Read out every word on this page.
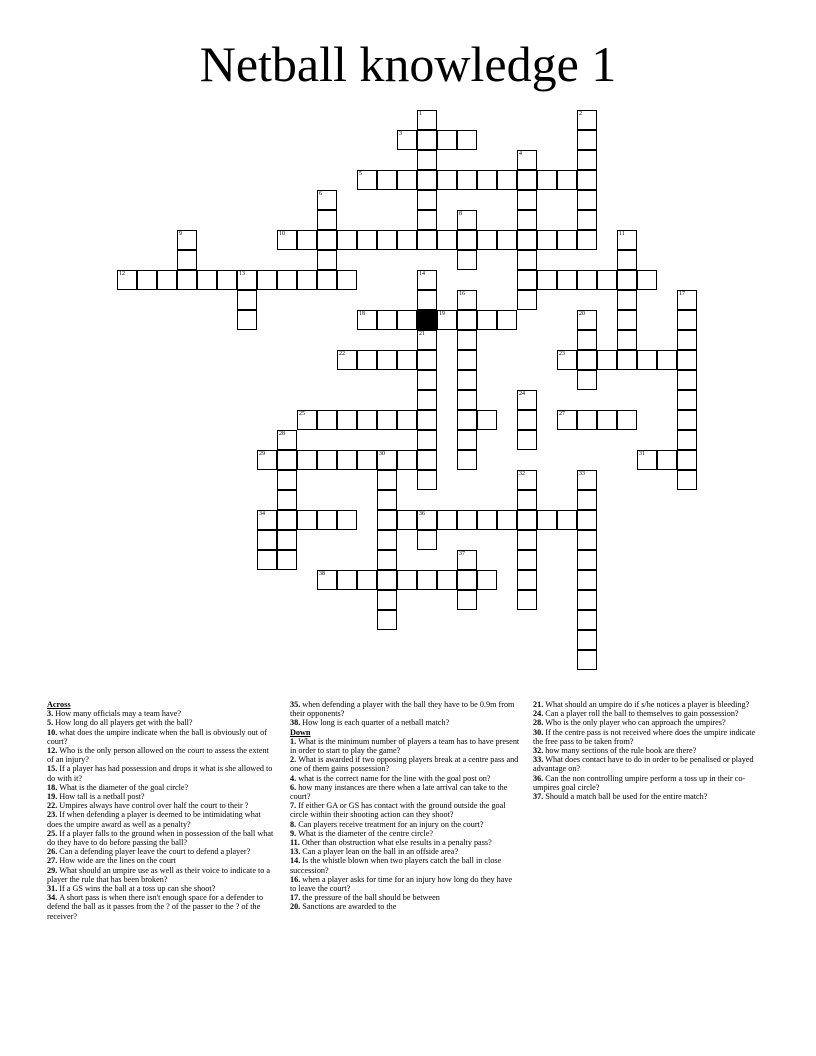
Netball knowledge 1
1
3
2
4
5
6
8
9	10	11
12	13	14
16	17
18	19	20
21
22	23
24
25	27
28
29	30	31
32	33
34	36
37
38
Across
3. How many officials may a team have?
5. How long do all players get with the ball?
10. what does the umpire indicate when the ball is obviously out of court?
12. Who is the only person allowed on the court to assess the extent of an injury?
15. If a player has had possession and drops it what is she allowed to do with it?
18. What is the diameter of the goal circle?
19. How tall is a netball post?
22. Umpires always have control over half the court to their ?
23. If when defending a player is deemed to be intimidating what does the umpire award as well as a penalty?
25. If a player falls to the ground when in possession of the ball what do they have to do before passing the ball?
26. Can a defending player leave the court to defend a player?
27. How wide are the lines on the court
29. What should an umpire use as well as their voice to indicate to a player the rule that has been broken?
31. If a GS wins the ball at a toss up can she shoot?
34. A short pass is when there isn't enough space for a defender to defend the ball as it passes from the ? of the passer to the ? of the receiver?
35. when defending a player with the ball they have to be 0.9m from their opponents?
38. How long is each quarter of a netball match?
Down
1. What is the minimum number of players a team has to have present in order to start to play the game?
2. What is awarded if two opposing players break at a centre pass and one of them gains possession?
4. what is the correct name for the line with the goal post on?
6. how many instances are there when a late arrival can take to the court?
7. If either GA or GS has contact with the ground outside the goal circle within their shooting action can they shoot?
8. Can players receive treatment for an injury on the court?
9. What is the diameter of the centre circle?
11. Other than obstruction what else results in a penalty pass?
13. Can a player lean on the ball in an offside area?
14. Is the whistle blown when two players catch the ball in close succession?
16. when a player asks for time for an injury how long do they have to leave the court?
17. the pressure of the ball should be between
20. Sanctions are awarded to the
21. What should an umpire do if s/he notices a player is bleeding?
24. Can a player roll the ball to themselves to gain possession?
28. Who is the only player who can approach the umpires?
30. If the centre pass is not received where does the umpire indicate the free pass to be taken from?
32. how many sections of the rule book are there?
33. What does contact have to do in order to be penalised or played advantage on?
36. Can the non controlling umpire perform a toss up in their co-umpires goal circle?
37. Should a match ball be used for the entire match?
